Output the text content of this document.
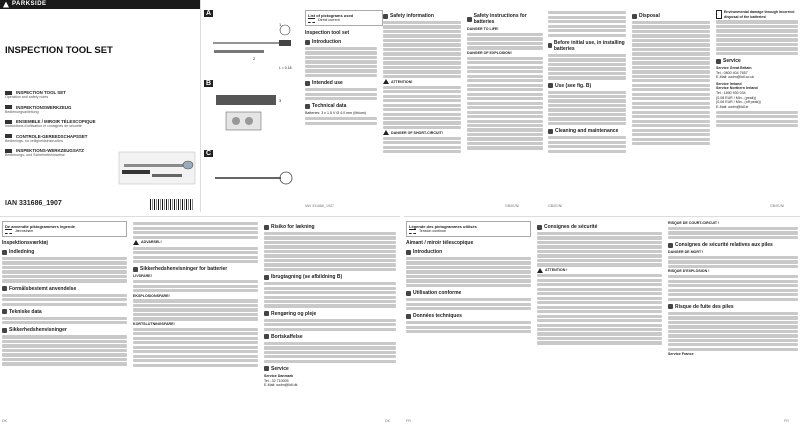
PARKSIDE
INSPECTION TOOL SET
INSPECTION TOOL SET
Operation and safety notes
INSPEKTIONSWERKZEUG
Bedienungsanleitung
ENSEMBLE / MIROIR TÉLESCOPIQUE
Instructions d'utilisation et consignes de sécurité
CONTROLE-GEREEDSCHAPSSET
Bedienings- en veiligheidsinstructies
INSPEKTIONS-WERKZEUGSATZ
Bedienungs- und Sicherheitshinweise
IAN 331686_1907
A
1
2
L = 0.18
B
3
C
List of pictograms used
Direct current
Inspection tool set
Introduction
Intended use
Technical data
Batteries: 3 x 1.5 V Ø 4.0 mm (lithium)
Safety information
ATTENTION!
DANGER OF SHORT-CIRCUIT!
Safety instructions for batteries
DANGER TO LIFE!
DANGER OF EXPLOSION!
IAN 331686_1907	GB/IE/NI
Before initial use, in installing batteries
Use (see fig. B)
Cleaning and maintenance
Disposal
Environmental damage through incorrect disposal of the batteries!
Service
Service Great Britain
Tel.: 0800 404 7657
E-Mail: owim@lidl.co.uk
Service Ireland
Service Northern Ireland
Tel.: 1890 930 034
(0,08 EUR / Min., (peak))
(0,06 EUR / Min., (off peak))
E-Mail: owim@lidl.ie
GB/IE/NI	GB/IE/NI
De anvendte piktogrammers legende
Jævnstrøm
Inspektionsværktøj
Indledning
Formålsbestemt anvendelse
Tekniske data
Sikkerhedshenvisninger
ADVARSEL!
Sikkerhedshenvisninger for batterier
LIVSFARE!
EKSPLOSIONSFARE!
KORTSLUTNINGSFARE!
Risiko for lækning
Ibrugtagning (se afbildning B)
Rengøring og pleje
Bortskaffelse
Service
Service Danmark
Tel.: 32 710005
E-Mail: owim@lidl.dk
DK	DK
Légende des pictogrammes utilisés
Tension continue
Aimant / miroir télescopique
Introduction
Utilisation conforme
Données techniques
Consignes de sécurité
ATTENTION !
RISQUE DE COURT-CIRCUIT !
Consignes de sécurité relatives aux piles
DANGER DE MORT !
RISQUE D'EXPLOSION !
Risque de fuite des piles
Service France
FR	FR
